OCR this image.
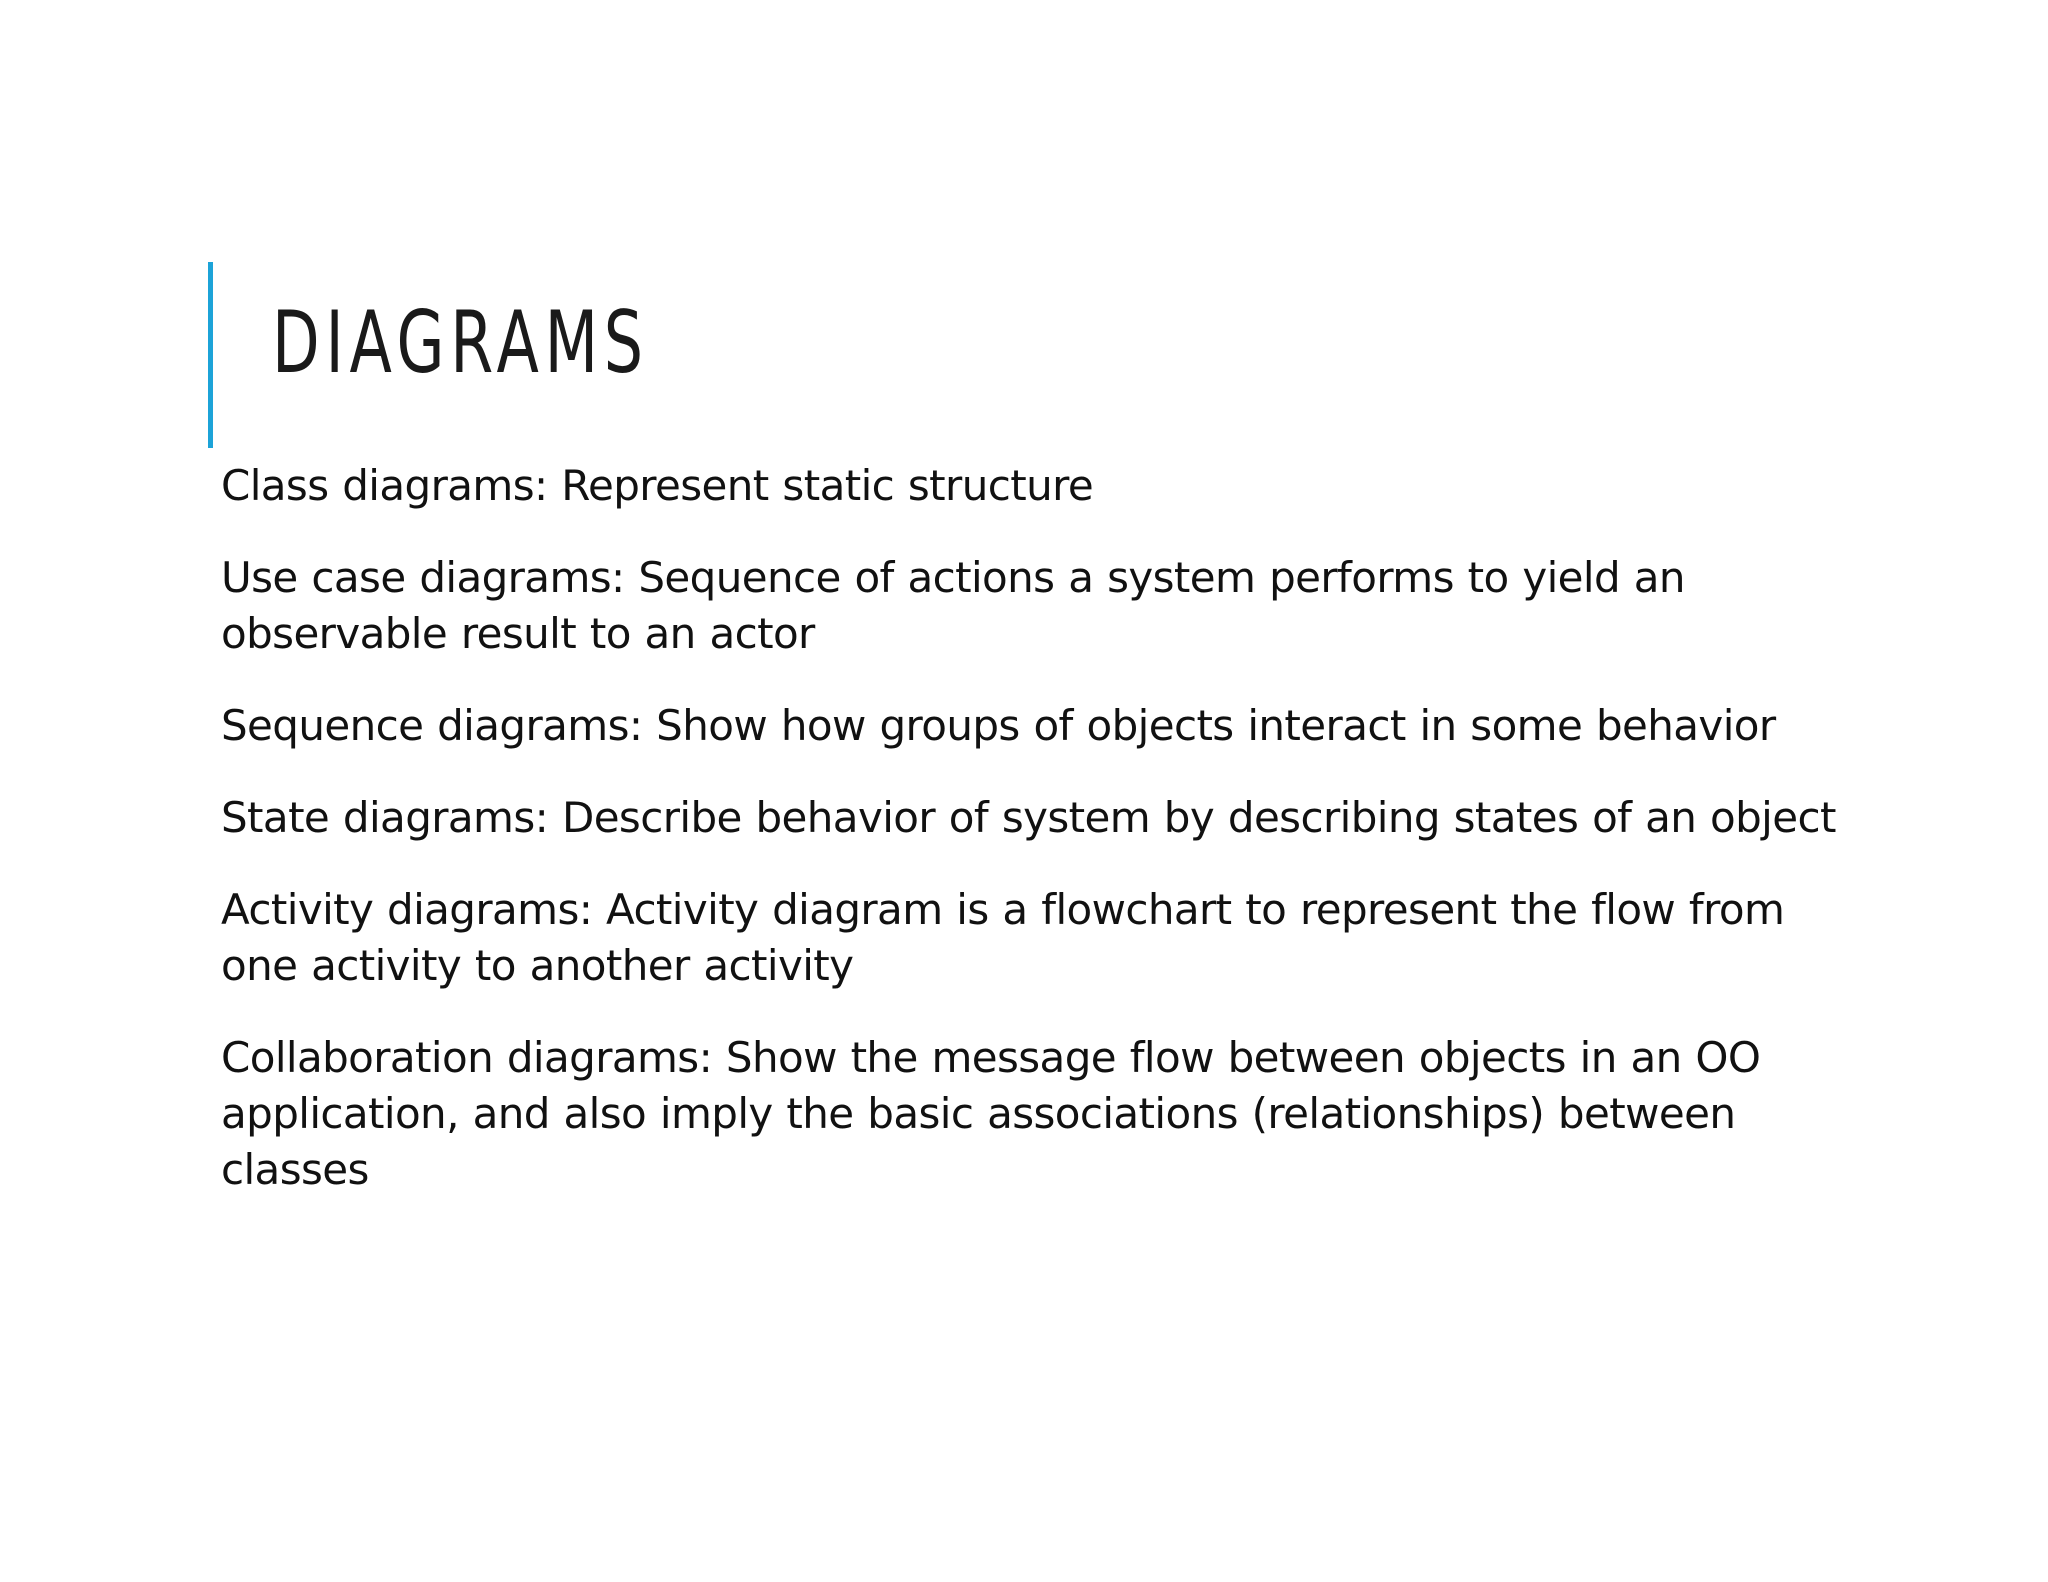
DIAGRAMS
Class diagrams: Represent static structure
Use case diagrams: Sequence of actions a system performs to yield an observable result to an actor
Sequence diagrams: Show how groups of objects interact in some behavior
State diagrams: Describe behavior of system by describing states of an object
Activity diagrams: Activity diagram is a flowchart to represent the flow from one activity to another activity
Collaboration diagrams: Show the message flow between objects in an OO application, and also imply the basic associations (relationships) between classes
